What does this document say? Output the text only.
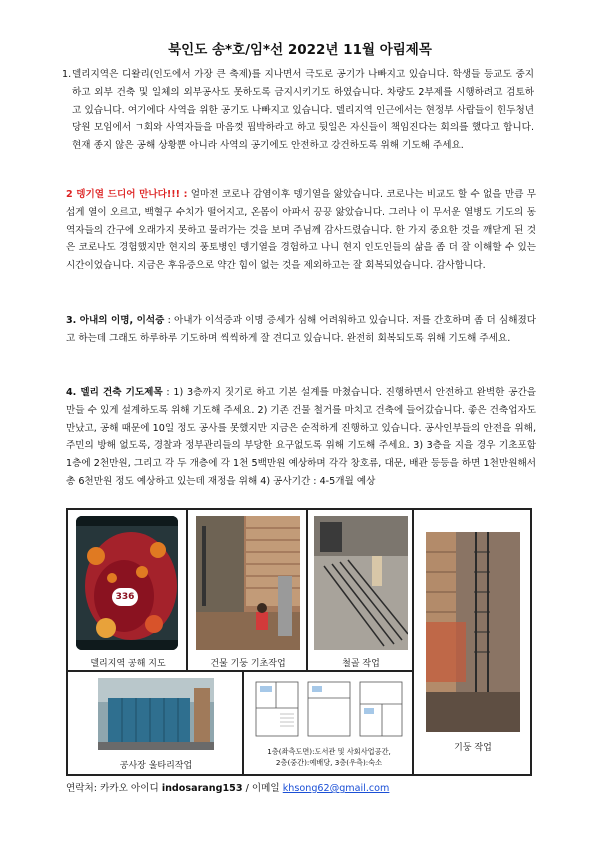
북인도 송*호/임*선 2022년 11월 아림제목
1. 델리지역은 디왈리(인도에서 가장 큰 축제)를 지나면서 극도로 공기가 나빠지고 있습니다. 학생들 등교도 중지하고 외부 건축 및 일체의 외부공사도 못하도록 금지시키기도 하였습니다. 차량도 2부제를 시행하려고 검토하고 있습니다. 여기에다 사역을 위한 공기도 나빠지고 있습니다. 델리지역 인근에서는 현정부 사람들이 힌두청년당원 모임에서 ㄱ회와 사역자들을 마음껏 핍박하라고 하고 뒷일은 자신들이 책임진다는 회의를 했다고 합니다. 현재 종지 않은 공해 상황뿐 아니라 사역의 공기에도 안전하고 강건하도록 위해 기도해 주세요.

2 뎅기열 드디어 만나다!!! : 얼마전 코로나 감염이후 뎅기열을 앓았습니다. 코로나는 비교도 할 수 없을 만큼 무섭게 열이 오르고, 백혈구 수치가 떨어지고, 온몸이 아파서 끙끙 앓았습니다. 그러나 이 무서운 열병도 기도의 동역자들의 간구에 오래가지 못하고 물러가는 것을 보며 주님께 감사드렸습니다. 한 가지 중요한 것을 깨닫게 된 것은 코로나도 경험했지만 현지의 풍토병인 뎅기열을 경험하고 나니 현지 인도인들의 삶을 좀 더 잘 이해할 수 있는 시간이었습니다. 지금은 후유증으로 약간 힘이 없는 것을 제외하고는 잘 회복되었습니다. 감사합니다.

3. 아내의 이명, 이석증 : 아내가 이석증과 이명 증세가 심해 어려워하고 있습니다. 저를 간호하며 좀 더 심해졌다고 하는데 그래도 하루하루 기도하며 씩씩하게 잘 견디고 있습니다. 완전히 회복되도록 위해 기도해 주세요.

4. 델리 건축 기도제목 : 1) 3층까지 짓기로 하고 기본 설계를 마쳤습니다. 진행하면서 안전하고 완벽한 공간을 만들 수 있게 설계하도록 위해 기도해 주세요. 2) 기존 건물 철거를 마치고 건축에 들어갔습니다. 좋은 건축업자도 만났고, 공해 때문에 10일 정도 공사를 못했지만 지금은 순적하게 진행하고 있습니다. 공사인부들의 안전을 위해, 주민의 방해 없도록, 경찰과 정부관리들의 부당한 요구없도록 위해 기도해 주세요. 3) 3층을 지을 경우 기초포함 1층에 2천만원, 그리고 각 두 개층에 각 1천 5백만원 예상하며 각각 창호류, 대문, 배관 등등을 하면 1천만원해서 총 6천만원 정도 예상하고 있는데 재정을 위해 4) 공사기간 : 4-5개월 예상

336
델리지역 공해 지도	건물 기둥 기초작업	철골 작업
기둥 작업
공사장 울타리작업
1층(좌측도면):도서관 및 사회사업공간,
2층(중간):예배당, 3층(우측):숙소
연락처: 카카오 아이디 indosarang153 / 이메일 khsong62@gmail.com
